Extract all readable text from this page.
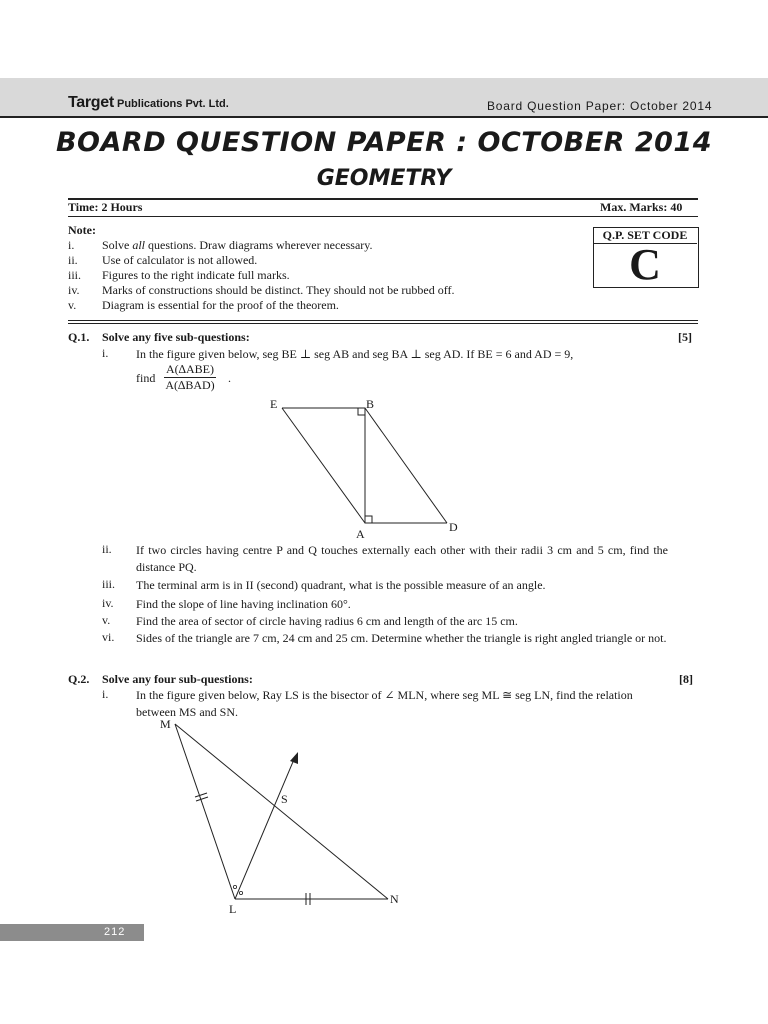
Target Publications Pvt. Ltd.	Board Question Paper: October 2014
BOARD QUESTION PAPER : OCTOBER 2014
GEOMETRY
Time: 2 Hours	Max. Marks: 40
Note:
i. Solve all questions. Draw diagrams wherever necessary.
ii. Use of calculator is not allowed.
iii. Figures to the right indicate full marks.
iv. Marks of constructions should be distinct. They should not be rubbed off.
v. Diagram is essential for the proof of the theorem.
Q.P. SET CODE
C
Q.1. Solve any five sub-questions:	[5]
i. In the figure given below, seg BE ⊥ seg AB and seg BA ⊥ seg AD. If BE = 6 and AD = 9,
find
A(∆ABE)
A(∆BAD) .
E	B
A	D
ii. If two circles having centre P and Q touches externally each other with their radii 3 cm and 5 cm, find the distance PQ.
iii. The terminal arm is in II (second) quadrant, what is the possible measure of an angle.
iv. Find the slope of line having inclination 60°.
v. Find the area of sector of circle having radius 6 cm and length of the arc 15 cm.
vi. Sides of the triangle are 7 cm, 24 cm and 25 cm. Determine whether the triangle is right angled triangle or not.
Q.2. Solve any four sub-questions:	[8]
i. In the figure given below, Ray LS is the bisector of ∠ MLN, where seg ML ≅ seg LN, find the relation between MS and SN.
M
S
L
N
212
